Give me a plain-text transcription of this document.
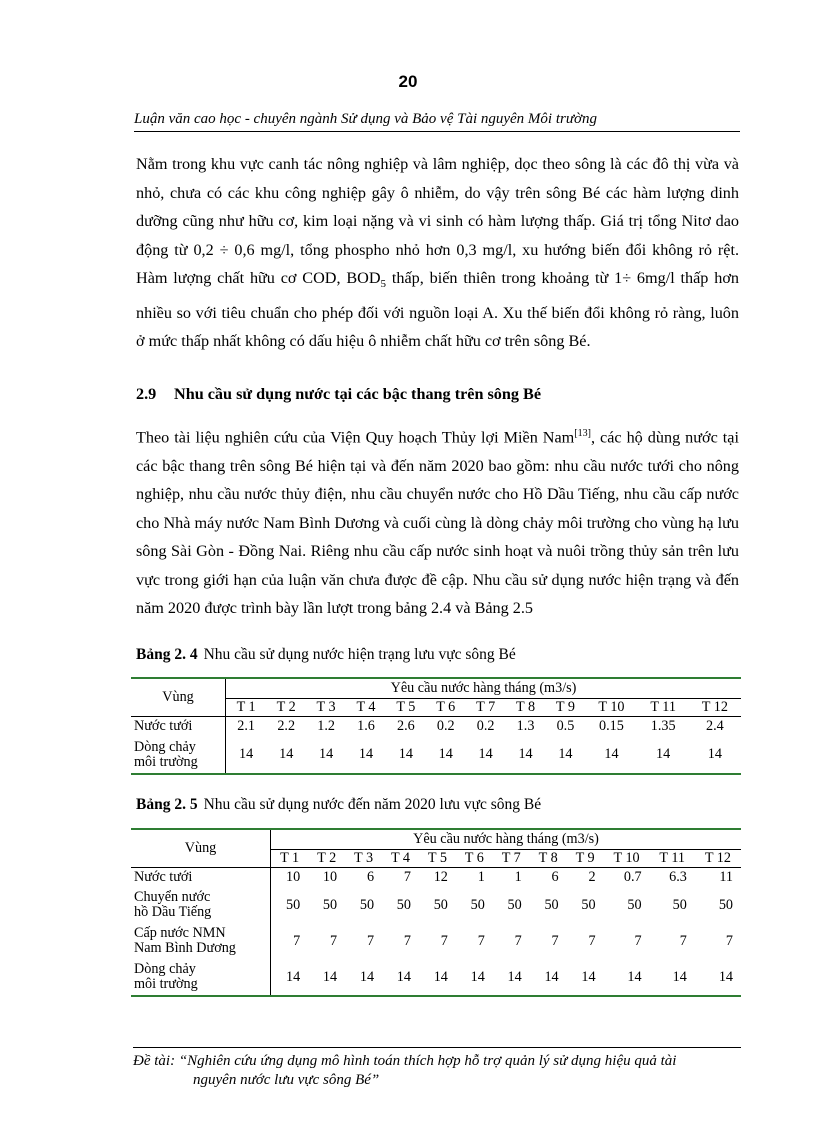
20
Luận văn cao học - chuyên ngành Sử dụng và Bảo vệ Tài nguyên Môi trường
Nằm trong khu vực canh tác nông nghiệp và lâm nghiệp, dọc theo sông là các đô thị vừa và nhỏ, chưa có các khu công nghiệp gây ô nhiễm, do vậy trên sông Bé các hàm lượng dinh dưỡng cũng như hữu cơ, kim loại nặng và vi sinh có hàm lượng thấp. Giá trị tổng Nitơ dao động từ 0,2 ÷ 0,6 mg/l, tổng phospho nhỏ hơn 0,3 mg/l, xu hướng biến đổi không rỏ rệt. Hàm lượng chất hữu cơ COD, $BOD_5$ thấp, biến thiên trong khoảng từ 1÷ 6mg/l thấp hơn nhiều so với tiêu chuẩn cho phép đối với nguồn loại A. Xu thế biến đổi không rỏ ràng, luôn ở mức thấp nhất không có dấu hiệu ô nhiễm chất hữu cơ trên sông Bé.
2.9 Nhu cầu sử dụng nước tại các bậc thang trên sông Bé
Theo tài liệu nghiên cứu của Viện Quy hoạch Thủy lợi Miền Nam[13], các hộ dùng nước tại các bậc thang trên sông Bé hiện tại và đến năm 2020 bao gồm: nhu cầu nước tưới cho nông nghiệp, nhu cầu nước thủy điện, nhu cầu chuyển nước cho Hồ Dầu Tiếng, nhu cầu cấp nước cho Nhà máy nước Nam Bình Dương và cuối cùng là dòng chảy môi trường cho vùng hạ lưu sông Sài Gòn - Đồng Nai. Riêng nhu cầu cấp nước sinh hoạt và nuôi trồng thủy sản trên lưu vực trong giới hạn của luận văn chưa được đề cập. Nhu cầu sử dụng nước hiện trạng và đến năm 2020 được trình bày lần lượt trong bảng 2.4 và Bảng 2.5
Bảng 2. 4 Nhu cầu sử dụng nước hiện trạng lưu vực sông Bé
Vùng	Yêu cầu nước hàng tháng (m3/s)											
	T 1	T 2	T 3	T 4	T 5	T 6	T 7	T 8	T 9	T 10	T 11	T 12

Nước tưới	2.1	2.2	1.2	1.6	2.6	0.2	0.2	1.3	0.5	0.15	1.35	2.4

Dòng chảy
môi trường	14	14	14	14	14	14	14	14	14	14	14	14
Bảng 2. 5 Nhu cầu sử dụng nước đến năm 2020 lưu vực sông Bé
Vùng	Yêu cầu nước hàng tháng (m3/s)											
	T 1	T 2	T 3	T 4	T 5	T 6	T 7	T 8	T 9	T 10	T 11	T 12

Nước tưới	10	10	6	7	12	1	1	6	2	0.7	6.3	11

Chuyển nước
hồ Dầu Tiếng	50	50	50	50	50	50	50	50	50	50	50	50

Cấp nước NMN
Nam Bình Dương	7	7	7	7	7	7	7	7	7	7	7	7

Dòng chảy
môi trường	14	14	14	14	14	14	14	14	14	14	14	14
Đề tài: “Nghiên cứu ứng dụng mô hình toán thích hợp hỗ trợ quản lý sử dụng hiệu quả tài
nguyên nước lưu vực sông Bé”
